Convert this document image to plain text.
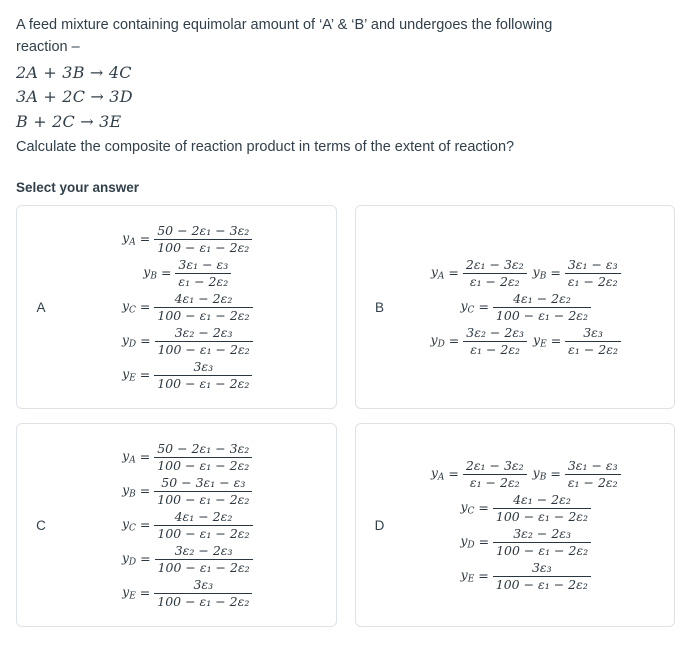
A feed mixture containing equimolar amount of ‘A’ & ‘B’ and undergoes the following
reaction –
2A + 3B → 4C
3A + 2C → 3D
B + 2C → 3E
Calculate the composite of reaction product in terms of the extent of reaction?
Select your answer
A
$y_A = \frac{\text{50 − 2ε₁ − 3ε₂}}{\text{100 − ε₁ − 2ε₂}}$
$y_B = \frac{\text{3ε₁ − ε₃}}{\text{ε₁ − 2ε₂}}$
$y_C = \frac{\text{4ε₁ − 2ε₂}}{\text{100 − ε₁ − 2ε₂}}$
$y_D = \frac{\text{3ε₂ − 2ε₃}}{\text{100 − ε₁ − 2ε₂}}$
$y_E = \frac{\text{3ε₃}}{\text{100 − ε₁ − 2ε₂}}$
B
$y_A = \frac{\text{2ε₁ − 3ε₂}}{\text{ε₁ − 2ε₂}} y_B = \frac{\text{3ε₁ − ε₃}}{\text{ε₁ − 2ε₂}}$
$y_C = \frac{\text{4ε₁ − 2ε₂}}{\text{100 − ε₁ − 2ε₂}}$
$y_D = \frac{\text{3ε₂ − 2ε₃}}{\text{ε₁ − 2ε₂}} y_E = \frac{\text{3ε₃}}{\text{ε₁ − 2ε₂}}$
C
$y_A = \frac{\text{50 − 2ε₁ − 3ε₂}}{\text{100 − ε₁ − 2ε₂}}$
$y_B = \frac{\text{50 − 3ε₁ − ε₃}}{\text{100 − ε₁ − 2ε₂}}$
$y_C = \frac{\text{4ε₁ − 2ε₂}}{\text{100 − ε₁ − 2ε₂}}$
$y_D = \frac{\text{3ε₂ − 2ε₃}}{\text{100 − ε₁ − 2ε₂}}$
$y_E = \frac{\text{3ε₃}}{\text{100 − ε₁ − 2ε₂}}$
D
$y_A = \frac{\text{2ε₁ − 3ε₂}}{\text{ε₁ − 2ε₂}} y_B = \frac{\text{3ε₁ − ε₃}}{\text{ε₁ − 2ε₂}}$
$y_C = \frac{\text{4ε₁ − 2ε₂}}{\text{100 − ε₁ − 2ε₂}}$
$y_D = \frac{\text{3ε₂ − 2ε₃}}{\text{100 − ε₁ − 2ε₂}}$
$y_E = \frac{\text{3ε₃}}{\text{100 − ε₁ − 2ε₂}}$
